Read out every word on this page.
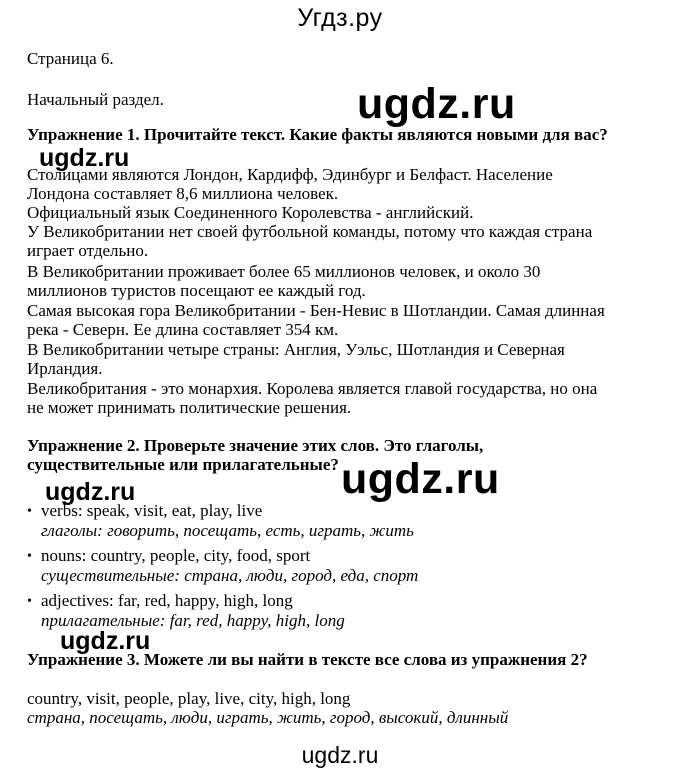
Угдз.ру
Страница 6.
Начальный раздел.	ugdz.ru
Упражнение 1. Прочитайте текст. Какие факты являются новыми для вас?
ugdz.ru
Столицами являются Лондон, Кардифф, Эдинбург и Белфаст. Население
Лондона составляет 8,6 миллиона человек.
Официальный язык Соединенного Королевства - английский.
У Великобритании нет своей футбольной команды, потому что каждая страна
играет отдельно.
В Великобритании проживает более 65 миллионов человек, и около 30
миллионов туристов посещают ее каждый год.
Самая высокая гора Великобритании - Бен-Невис в Шотландии. Самая длинная
река - Северн. Ее длина составляет 354 км.
В Великобритании четыре страны: Англия, Уэльс, Шотландия и Северная
Ирландия.
Великобритания - это монархия. Королева является главой государства, но она
не может принимать политические решения.
Упражнение 2. Проверьте значение этих слов. Это глаголы,
существительные или прилагательные? ugdz.ru
ugdz.ru
• verbs: speak, visit, eat, play, live
глаголы: говорить, посещать, есть, играть, жить
• nouns: country, people, city, food, sport
существительные: страна, люди, город, еда, спорт
• adjectives: far, red, happy, high, long
прилагательные: far, red, happy, high, long
ugdz.ru
Упражнение 3. Можете ли вы найти в тексте все слова из упражнения 2?
country, visit, people, play, live, city, high, long
страна, посещать, люди, играть, жить, город, высокий, длинный
ugdz.ru
